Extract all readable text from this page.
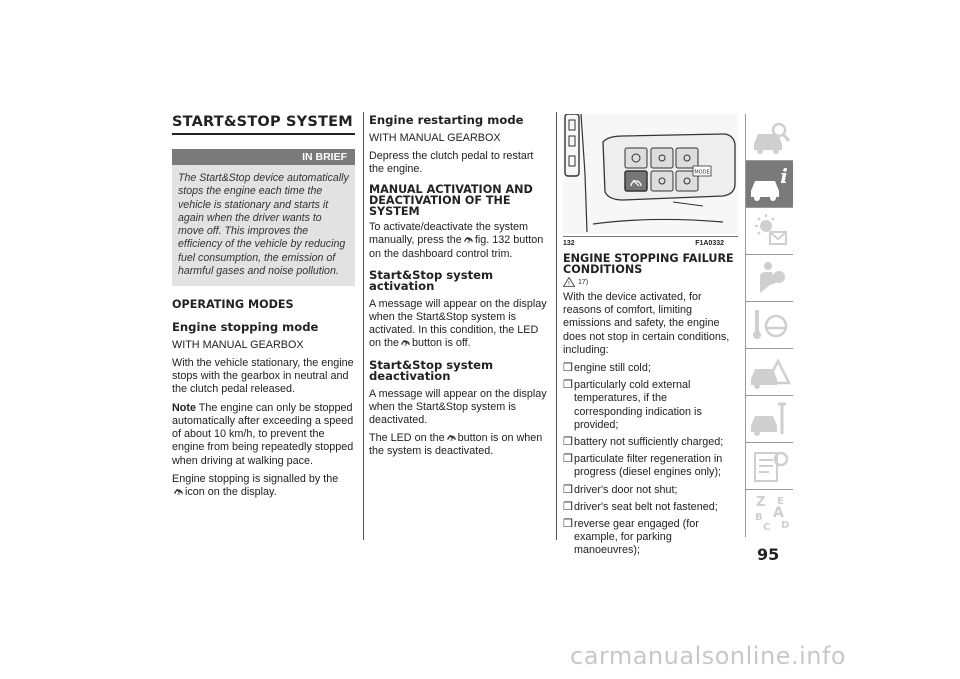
START&STOP SYSTEM
IN BRIEF
The Start&Stop device automatically stops the engine each time the vehicle is stationary and starts it again when the driver wants to move off. This improves the efficiency of the vehicle by reducing fuel consumption, the emission of harmful gases and noise pollution.
OPERATING MODES
Engine stopping mode

WITH MANUAL GEARBOX

With the vehicle stationary, the engine stops with the gearbox in neutral and the clutch pedal released.

Note The engine can only be stopped automatically after exceeding a speed of about 10 km/h, to prevent the engine from being repeatedly stopped when driving at walking pace.

Engine stopping is signalled by the

A icon on the display.

Engine restarting mode

WITH MANUAL GEARBOX

Depress the clutch pedal to restart the engine.

MANUAL ACTIVATION AND DEACTIVATION OF THE SYSTEM

To activate/deactivate the system manually, press the A fig. 132 button on the dashboard control trim.

Start&Stop system activation

A message will appear on the display when the Start&Stop system is activated. In this condition, the LED on the A button is off.

Start&Stop system deactivation

A message will appear on the display when the Start&Stop system is deactivated.

The LED on the A button is on when the system is deactivated.

MODE
132	F1A0332
ENGINE STOPPING FAILURE CONDITIONS
! 17)

With the device activated, for reasons of comfort, limiting emissions and safety, the engine does not stop in certain conditions, including:

❒engine still cold;
❒particularly cold external temperatures, if the corresponding indication is provided;
❒battery not sufficiently charged;
❒particulate filter regeneration in progress (diesel engines only);
❒driver's door not shut;
❒driver's seat belt not fastened;
❒reverse gear engaged (for example, for parking manoeuvres);
i
Z E
A
B
C D
95
carmanualsonline.info
